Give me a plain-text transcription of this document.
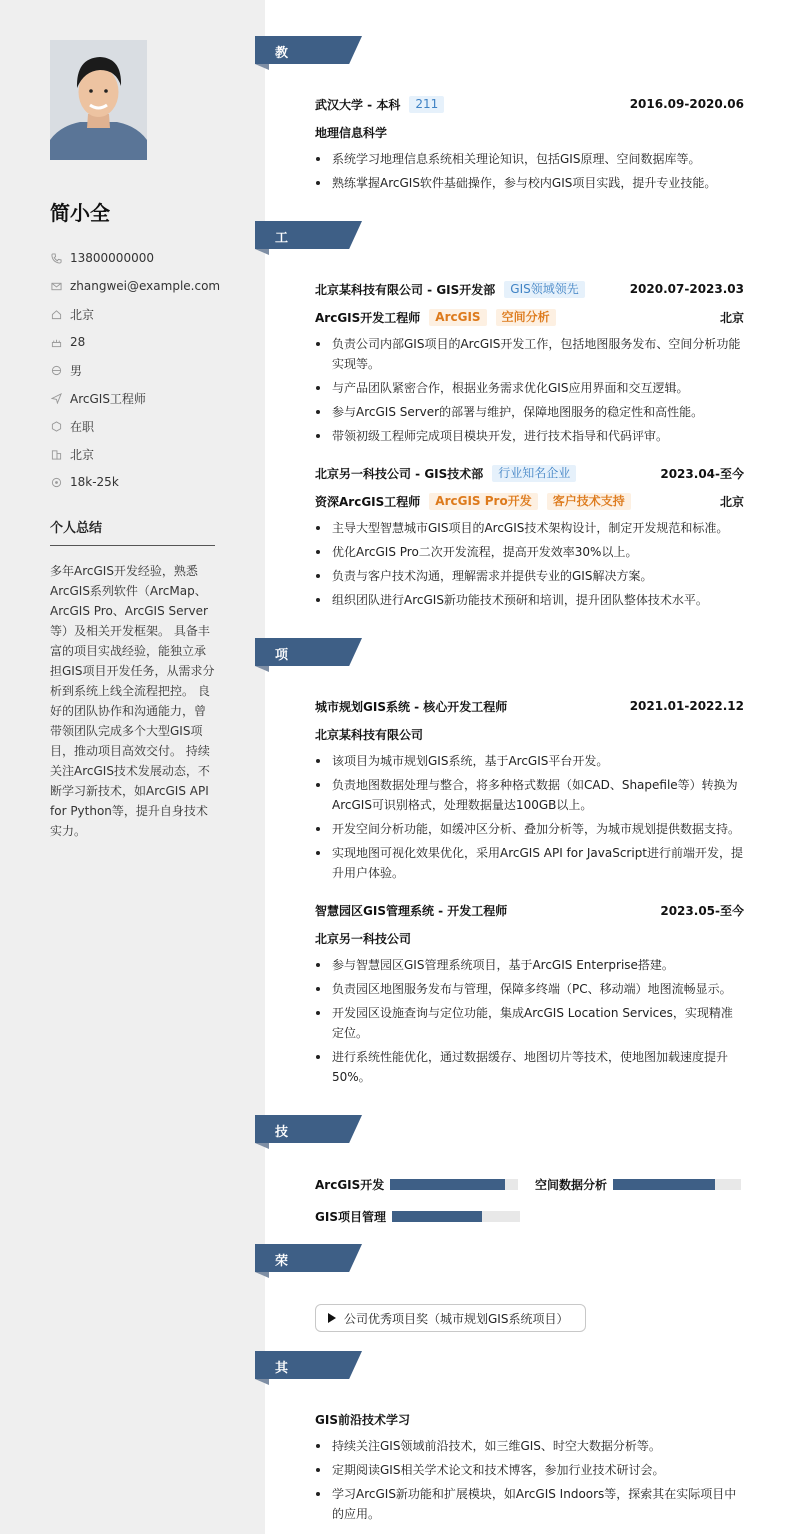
简小全
13800000000
zhangwei@example.com
北京
28
男
ArcGIS工程师
在职
北京
18k-25k
个人总结
多年ArcGIS开发经验，熟悉ArcGIS系列软件（ArcMap、ArcGIS Pro、ArcGIS Server等）及相关开发框架。 具备丰富的项目实战经验，能独立承担GIS项目开发任务，从需求分析到系统上线全流程把控。 良好的团队协作和沟通能力，曾带领团队完成多个大型GIS项目，推动项目高效交付。 持续关注ArcGIS技术发展动态，不断学习新技术，如ArcGIS API for Python等，提升自身技术实力。
教育经历 武汉大学 - 本科	211	2016.09-2020.06
地理信息科学
系统学习地理信息系统相关理论知识，包括GIS原理、空间数据库等。
熟练掌握ArcGIS软件基础操作，参与校内GIS项目实践，提升专业技能。
工作经历 北京某科技有限公司 - GIS开发部	GIS领域领先	2020.07-2023.03
ArcGIS开发工程师	ArcGIS	空间分析	北京
负责公司内部GIS项目的ArcGIS开发工作，包括地图服务发布、空间分析功能实现等。
与产品团队紧密合作，根据业务需求优化GIS应用界面和交互逻辑。
参与ArcGIS Server的部署与维护，保障地图服务的稳定性和高性能。
带领初级工程师完成项目模块开发，进行技术指导和代码评审。
北京另一科技公司 - GIS技术部	行业知名企业	2023.04-至今
资深ArcGIS工程师	ArcGIS Pro开发	客户技术支持	北京
主导大型智慧城市GIS项目的ArcGIS技术架构设计，制定开发规范和标准。
优化ArcGIS Pro二次开发流程，提高开发效率30%以上。
负责与客户技术沟通，理解需求并提供专业的GIS解决方案。
组织团队进行ArcGIS新功能技术预研和培训，提升团队整体技术水平。
项目经历 城市规划GIS系统 - 核心开发工程师	2021.01-2022.12
北京某科技有限公司
该项目为城市规划GIS系统，基于ArcGIS平台开发。
负责地图数据处理与整合，将多种格式数据（如CAD、Shapefile等）转换为ArcGIS可识别格式，处理数据量达100GB以上。
开发空间分析功能，如缓冲区分析、叠加分析等，为城市规划提供数据支持。
实现地图可视化效果优化，采用ArcGIS API for JavaScript进行前端开发，提升用户体验。
智慧园区GIS管理系统 - 开发工程师	2023.05-至今
北京另一科技公司
参与智慧园区GIS管理系统项目，基于ArcGIS Enterprise搭建。
负责园区地图服务发布与管理，保障多终端（PC、移动端）地图流畅显示。
开发园区设施查询与定位功能，集成ArcGIS Location Services，实现精准定位。
进行系统性能优化，通过数据缓存、地图切片等技术，使地图加载速度提升50%。
技能专长 ArcGIS开发	空间数据分析
GIS项目管理
荣誉奖项	公司优秀项目奖（城市规划GIS系统项目）
其他信息 GIS前沿技术学习
持续关注GIS领域前沿技术，如三维GIS、时空大数据分析等。
定期阅读GIS相关学术论文和技术博客，参加行业技术研讨会。
学习ArcGIS新功能和扩展模块，如ArcGIS Indoors等，探索其在实际项目中的应用。
